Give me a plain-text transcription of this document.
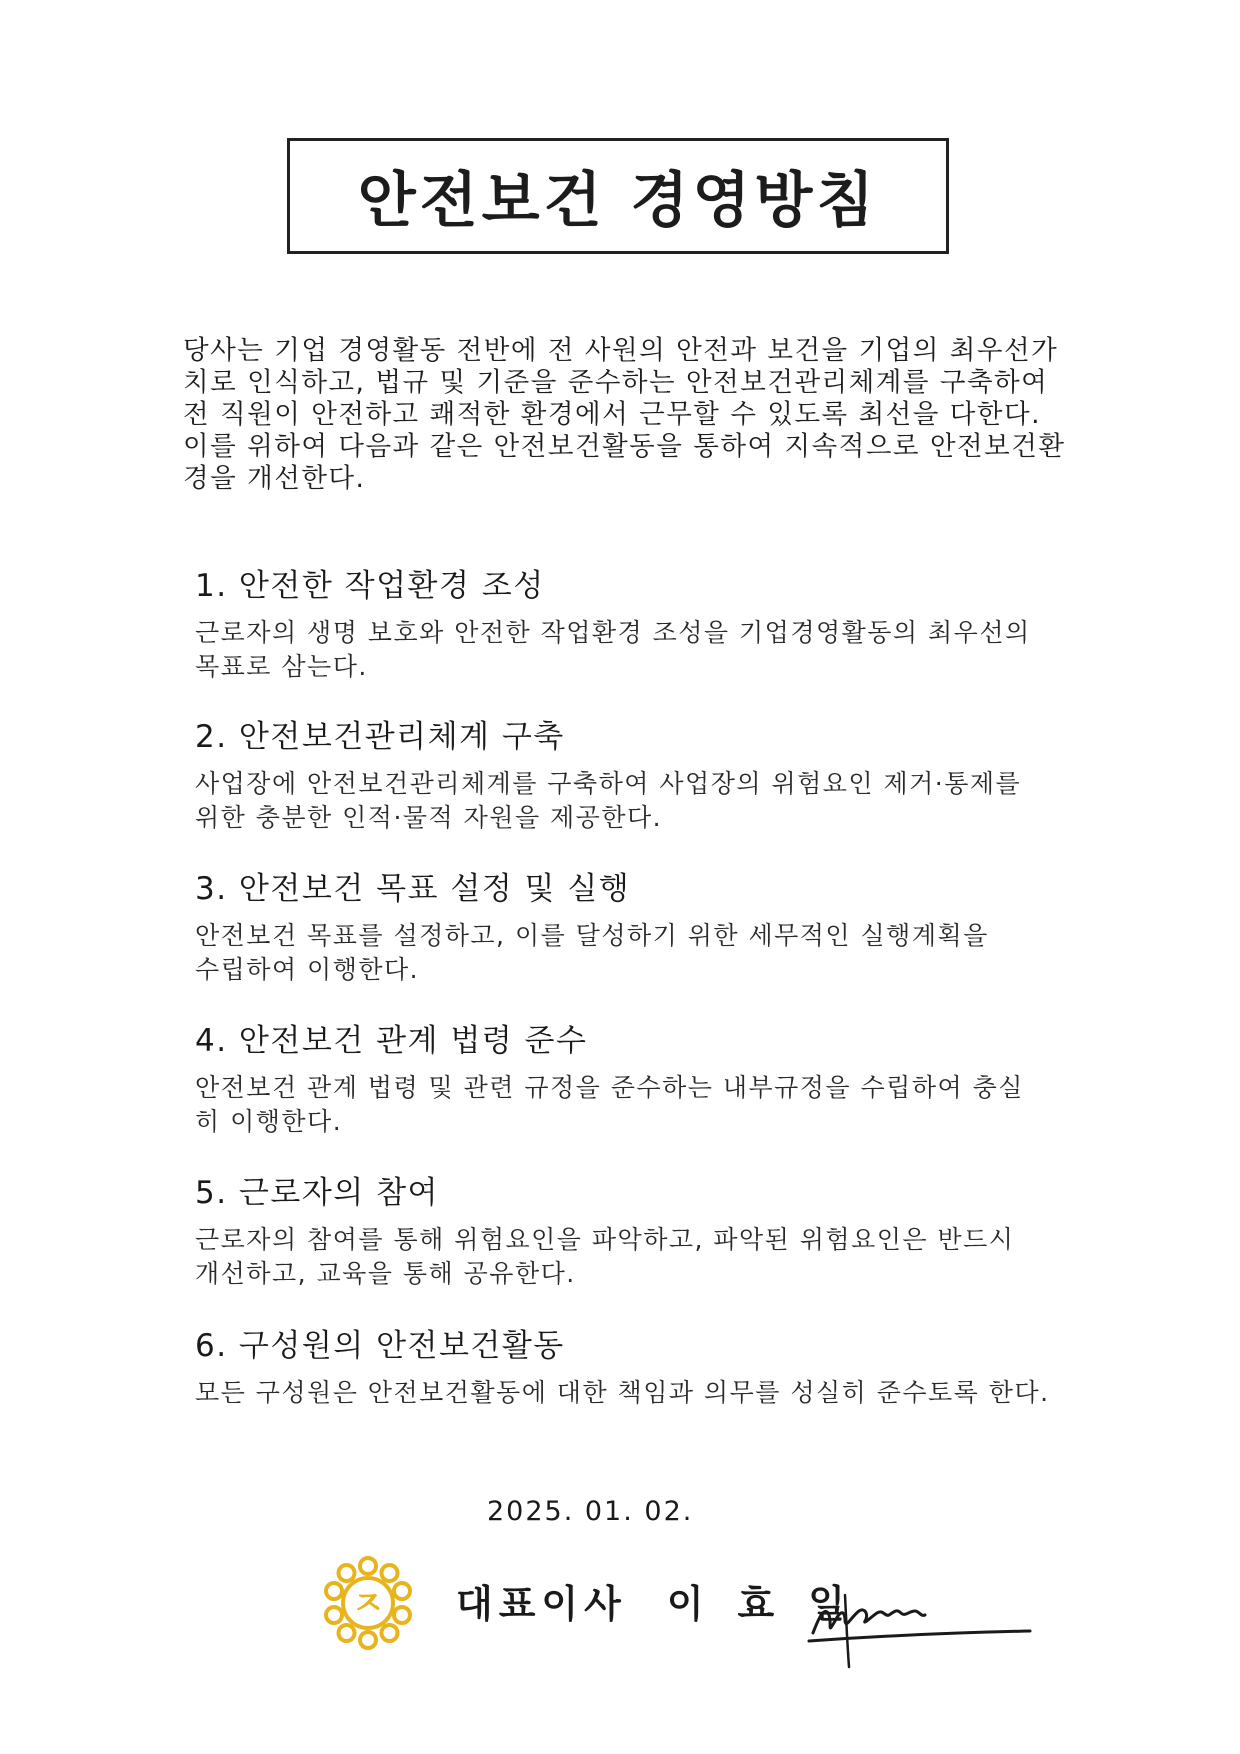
안전보건 경영방침
당사는 기업 경영활동 전반에 전 사원의 안전과 보건을 기업의 최우선가
치로 인식하고, 법규 및 기준을 준수하는 안전보건관리체계를 구축하여
전 직원이 안전하고 쾌적한 환경에서 근무할 수 있도록 최선을 다한다.
이를 위하여 다음과 같은 안전보건활동을 통하여 지속적으로 안전보건환
경을 개선한다.
1. 안전한 작업환경 조성
근로자의 생명 보호와 안전한 작업환경 조성을 기업경영활동의 최우선의
목표로 삼는다.
2. 안전보건관리체계 구축
사업장에 안전보건관리체계를 구축하여 사업장의 위험요인 제거·통제를
위한 충분한 인적·물적 자원을 제공한다.
3. 안전보건 목표 설정 및 실행
안전보건 목표를 설정하고, 이를 달성하기 위한 세무적인 실행계획을
수립하여 이행한다.
4. 안전보건 관계 법령 준수
안전보건 관계 법령 및 관련 규정을 준수하는 내부규정을 수립하여 충실
히 이행한다.
5. 근로자의 참여
근로자의 참여를 통해 위험요인을 파악하고, 파악된 위험요인은 반드시
개선하고, 교육을 통해 공유한다.
6. 구성원의 안전보건활동
모든 구성원은 안전보건활동에 대한 책임과 의무를 성실히 준수토록 한다.
2025. 01. 02.
ㅈ 대표이사 이효일
